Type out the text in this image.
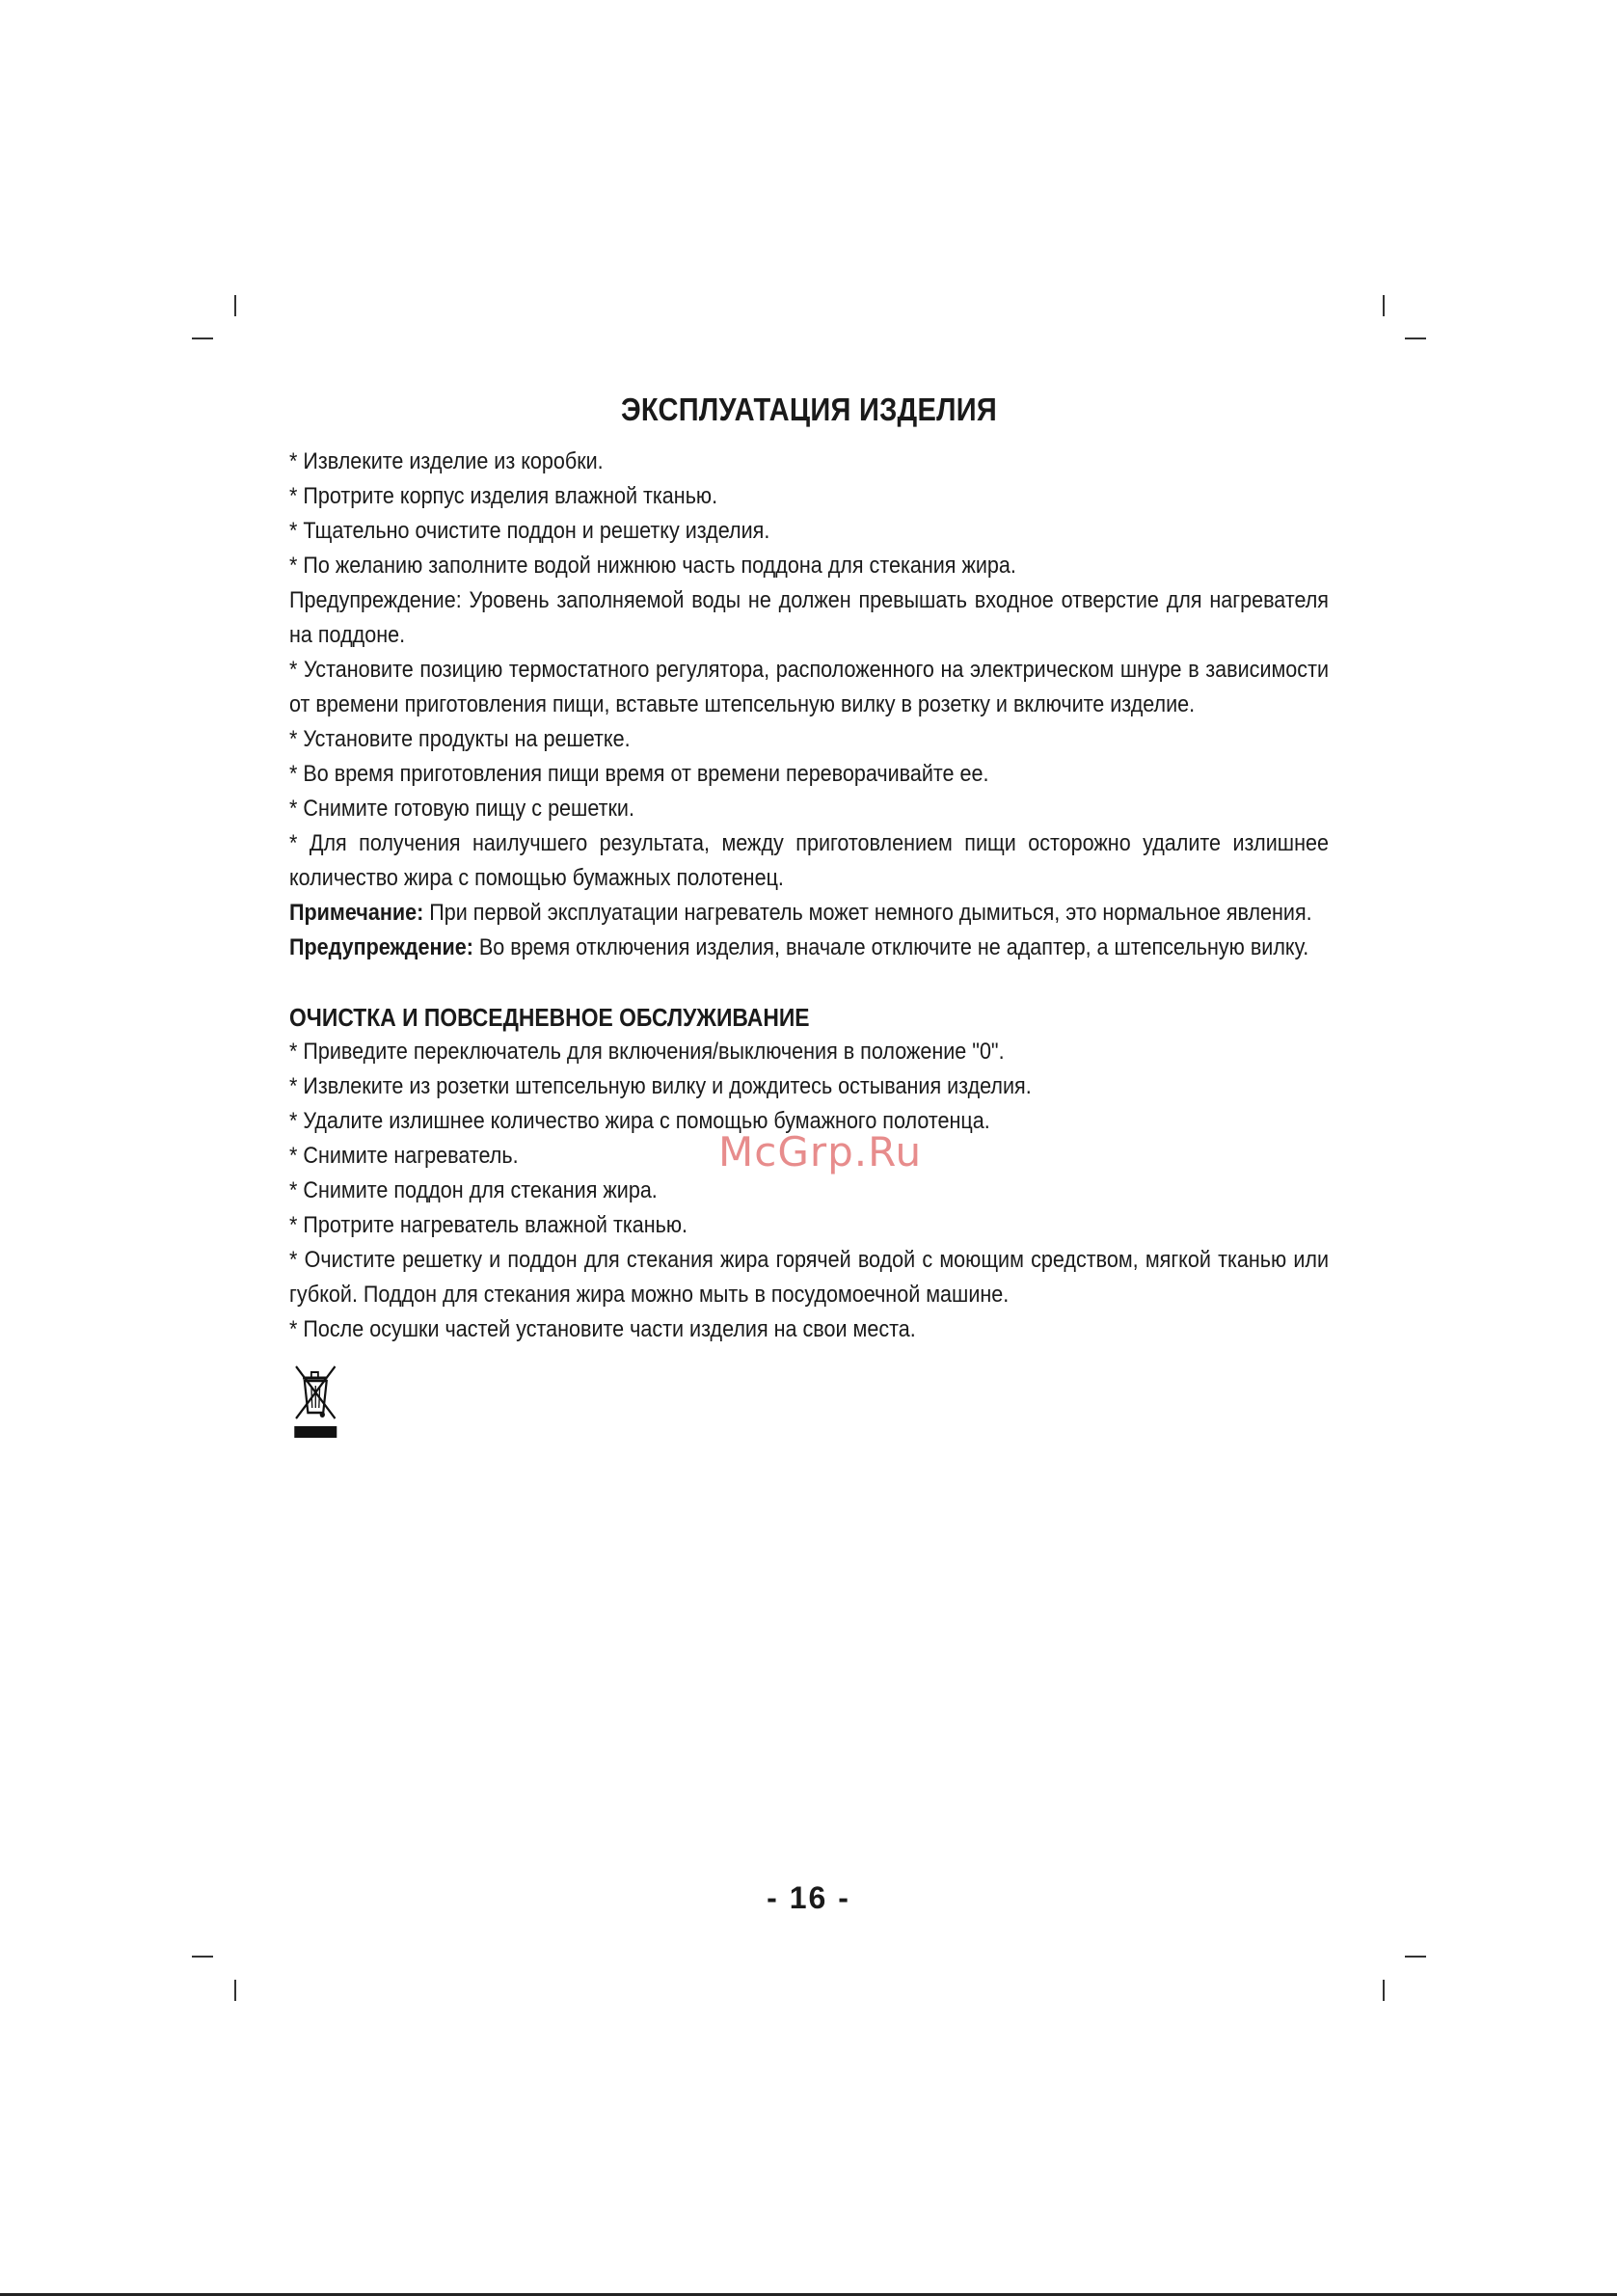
ЭКСПЛУАТАЦИЯ ИЗДЕЛИЯ

* Извлеките изделие из коробки.

* Протрите корпус изделия влажной тканью.

* Тщательно очистите поддон и решетку изделия.

* По желанию заполните водой нижнюю часть поддона для стекания жира.

Предупреждение: Уровень заполняемой воды не должен превышать входное отверстие для нагревателя на поддоне.

* Установите позицию термостатного регулятора, расположенного на электрическом шнуре в зависимости от времени приготовления пищи, вставьте штепсельную вилку в розетку и включите изделие.

* Установите продукты на решетке.

* Во время приготовления пищи время от времени переворачивайте ее.

* Снимите готовую пищу с решетки.

* Для получения наилучшего результата, между приготовлением пищи осторожно удалите излишнее количество жира с помощью бумажных полотенец.

Примечание: При первой эксплуатации нагреватель может немного дымиться, это нормальное явления.

Предупреждение: Во время отключения изделия, вначале отключите не адаптер, а штепсельную вилку.

ОЧИСТКА И ПОВСЕДНЕВНОЕ ОБСЛУЖИВАНИЕ

* Приведите переключатель для включения/выключения в положение "0".

* Извлеките из розетки штепсельную вилку и дождитесь остывания изделия.

* Удалите излишнее количество жира с помощью бумажного полотенца.

* Снимите нагреватель.

* Снимите поддон для стекания жира.

* Протрите нагреватель влажной тканью.

* Очистите решетку и поддон для стекания жира горячей водой с моющим средством, мягкой тканью или губкой. Поддон для стекания жира можно мыть в посудомоечной машине.

* После осушки частей установите части изделия на свои места.

McGrp.Ru
- 16 -
